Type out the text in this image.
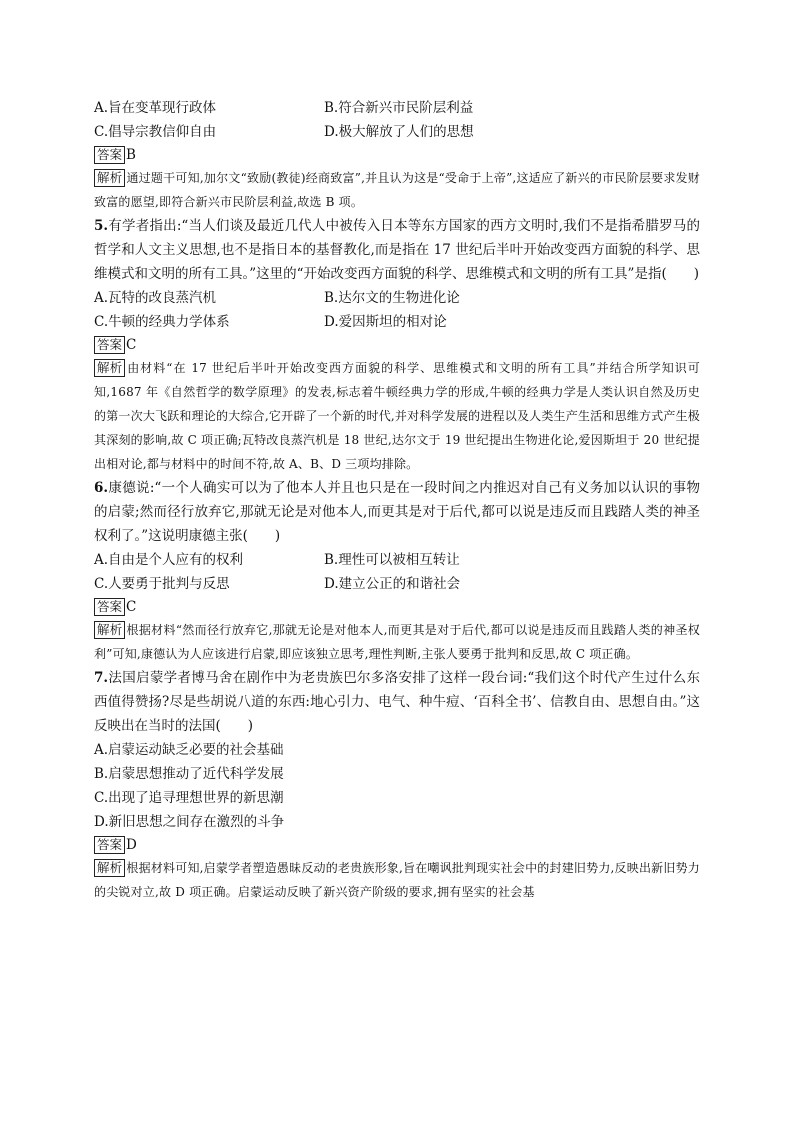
A.旨在变革现行政体	B.符合新兴市民阶层利益
C.倡导宗教信仰自由	D.极大解放了人们的思想

答案 B

解析 通过题干可知,加尔文“致励(教徒)经商致富”,并且认为这是“受命于上帝”,这适应了新兴的市民阶层要求发财致富的愿望,即符合新兴市民阶层利益,故选 B 项。
5.有学者指出:“当人们谈及最近几代人中被传入日本等东方国家的西方文明时,我们不是指希腊罗马的哲学和人文主义思想,也不是指日本的基督教化,而是指在 17 世纪后半叶开始改变西方面貌的科学、思维模式和文明的所有工具。”这里的“开始改变西方面貌的科学、思维模式和文明的所有工具”是指(　　)
A.瓦特的改良蒸汽机	B.达尔文的生物进化论
C.牛顿的经典力学体系	D.爱因斯坦的相对论

答案 C

解析 由材料“在 17 世纪后半叶开始改变西方面貌的科学、思维模式和文明的所有工具”并结合所学知识可知,1687 年《自然哲学的数学原理》的发表,标志着牛顿经典力学的形成,牛顿的经典力学是人类认识自然及历史的第一次大飞跃和理论的大综合,它开辟了一个新的时代,并对科学发展的进程以及人类生产生活和思维方式产生极其深刻的影响,故 C 项正确;瓦特改良蒸汽机是 18 世纪,达尔文于 19 世纪提出生物进化论,爱因斯坦于 20 世纪提出相对论,都与材料中的时间不符,故 A、B、D 三项均排除。
6.康德说:“一个人确实可以为了他本人并且也只是在一段时间之内推迟对自己有义务加以认识的事物的启蒙;然而径行放弃它,那就无论是对他本人,而更其是对于后代,都可以说是违反而且践踏人类的神圣权利了。”这说明康德主张(　　)
A.自由是个人应有的权利	B.理性可以被相互转让
C.人要勇于批判与反思	D.建立公正的和谐社会

答案 C

解析 根据材料“然而径行放弃它,那就无论是对他本人,而更其是对于后代,都可以说是违反而且践踏人类的神圣权利”可知,康德认为人应该进行启蒙,即应该独立思考,理性判断,主张人要勇于批判和反思,故 C 项正确。
7.法国启蒙学者博马舍在剧作中为老贵族巴尔多洛安排了这样一段台词:“我们这个时代产生过什么东西值得赞扬?尽是些胡说八道的东西:地心引力、电气、种牛痘、‘百科全书’、信教自由、思想自由。”这反映出在当时的法国(　　)
A.启蒙运动缺乏必要的社会基础
B.启蒙思想推动了近代科学发展
C.出现了追寻理想世界的新思潮
D.新旧思想之间存在激烈的斗争

答案 D

解析 根据材料可知,启蒙学者塑造愚昧反动的老贵族形象,旨在嘲讽批判现实社会中的封建旧势力,反映出新旧势力的尖锐对立,故 D 项正确。启蒙运动反映了新兴资产阶级的要求,拥有坚实的社会基
